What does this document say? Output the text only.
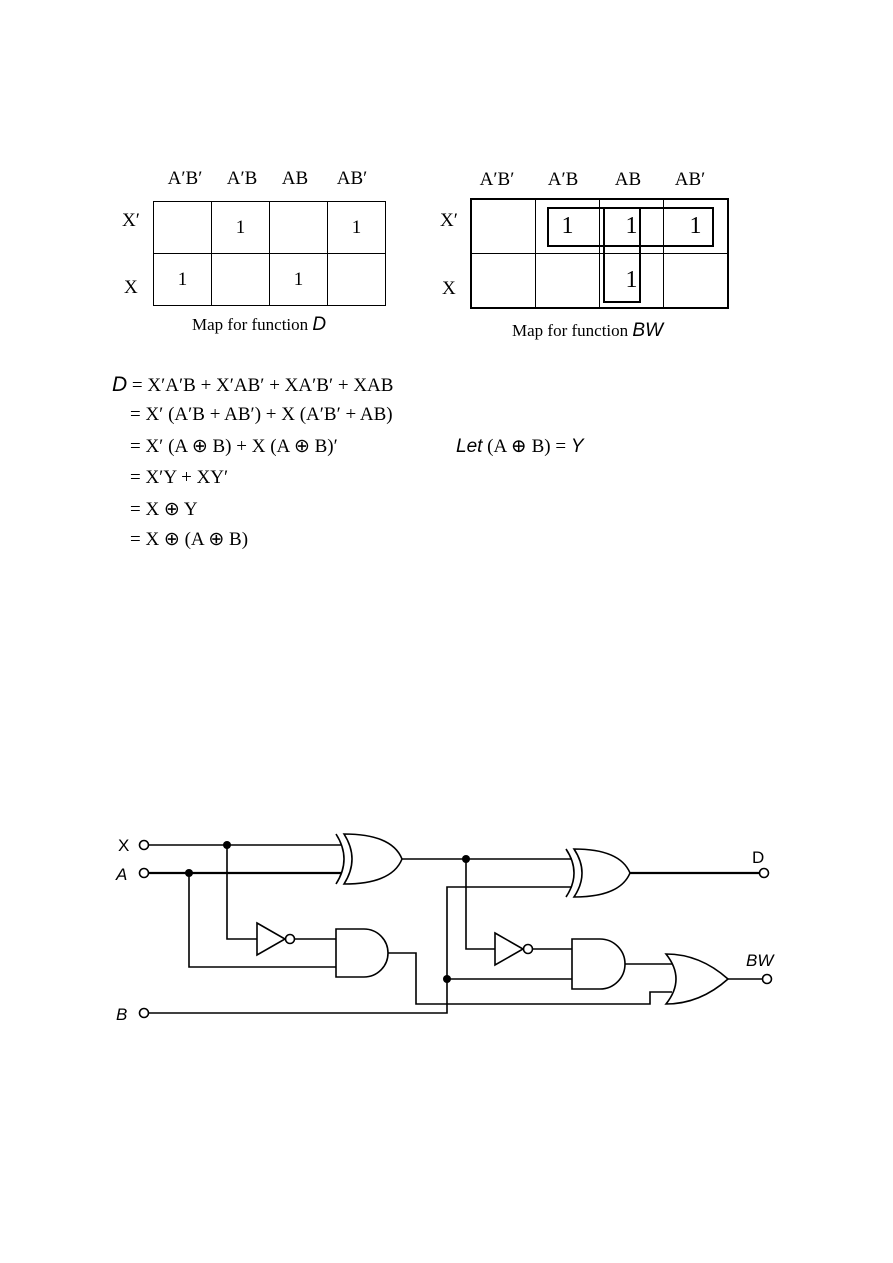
A′B′	A′B	AB	AB′
X′
X
	1		1
1		1	
Map for function D
A′B′	A′B	AB	AB′
X′
X
	1	1	1
		1	
Map for function BW
D = X′A′B + X′AB′ + XA′B′ + XAB
= X′ (A′B + AB′) + X (A′B′ + AB)
= X′ (A ⊕ B) + X (A ⊕ B)′
= X′Y + XY′
= X ⊕ Y
= X ⊕ (A ⊕ B)
Let (A ⊕ B) = Y
X
A
B
D
BW
